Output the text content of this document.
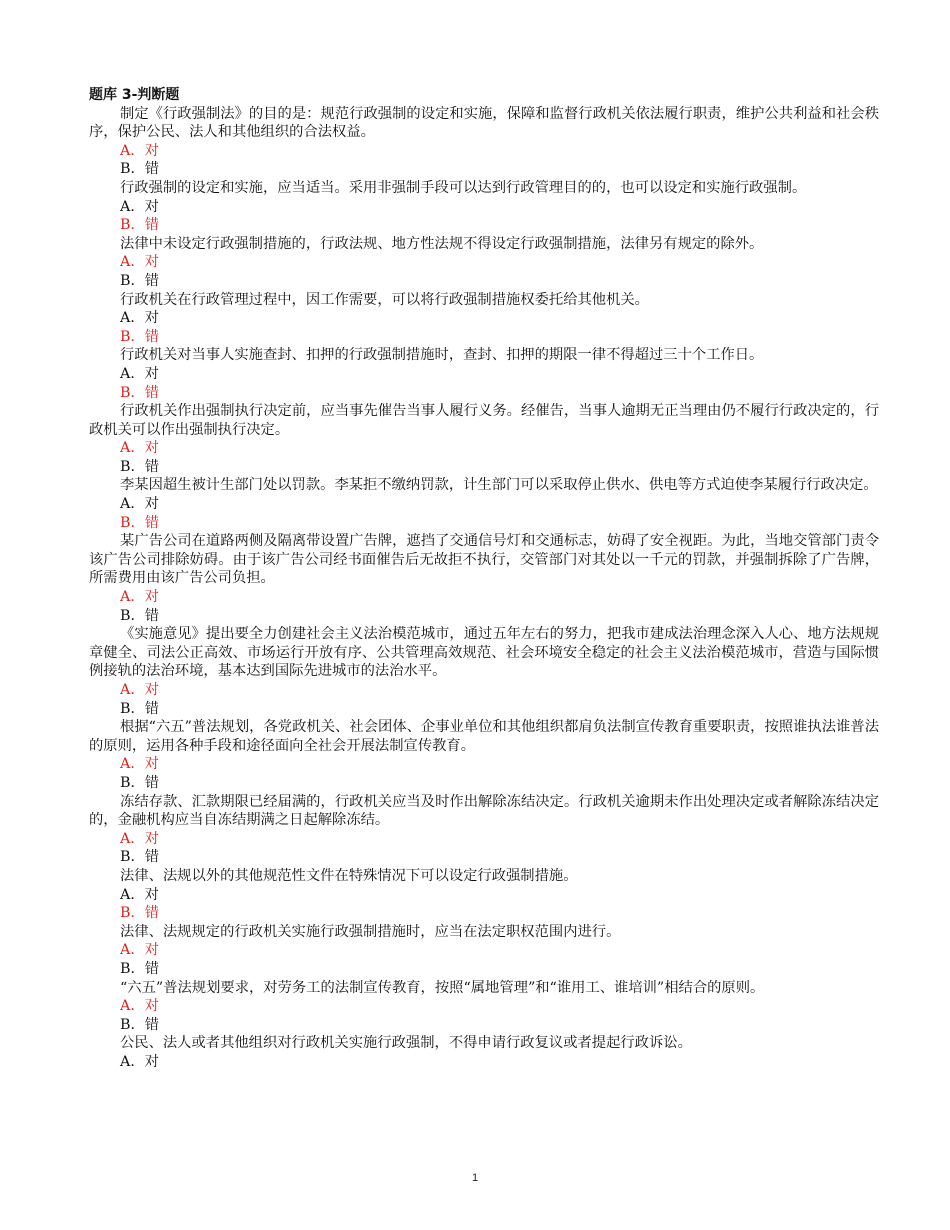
题库 3-判断题

制定《行政强制法》的目的是：规范行政强制的设定和实施，保障和监督行政机关依法履行职责，维护公共利益和社会秩序，保护公民、法人和其他组织的合法权益。

A．对
B．错

行政强制的设定和实施，应当适当。采用非强制手段可以达到行政管理目的的，也可以设定和实施行政强制。

A．对
B．错

法律中未设定行政强制措施的，行政法规、地方性法规不得设定行政强制措施，法律另有规定的除外。

A．对
B．错

行政机关在行政管理过程中，因工作需要，可以将行政强制措施权委托给其他机关。

A．对
B．错

行政机关对当事人实施查封、扣押的行政强制措施时，查封、扣押的期限一律不得超过三十个工作日。

A．对
B．错

行政机关作出强制执行决定前，应当事先催告当事人履行义务。经催告，当事人逾期无正当理由仍不履行行政决定的，行政机关可以作出强制执行决定。

A．对
B．错

李某因超生被计生部门处以罚款。李某拒不缴纳罚款，计生部门可以采取停止供水、供电等方式迫使李某履行行政决定。

A．对
B．错

某广告公司在道路两侧及隔离带设置广告牌，遮挡了交通信号灯和交通标志，妨碍了安全视距。为此，当地交管部门责令该广告公司排除妨碍。由于该广告公司经书面催告后无故拒不执行，交管部门对其处以一千元的罚款，并强制拆除了广告牌，所需费用由该广告公司负担。

A．对
B．错

《实施意见》提出要全力创建社会主义法治模范城市，通过五年左右的努力，把我市建成法治理念深入人心、地方法规规章健全、司法公正高效、市场运行开放有序、公共管理高效规范、社会环境安全稳定的社会主义法治模范城市，营造与国际惯例接轨的法治环境，基本达到国际先进城市的法治水平。

A．对
B．错

根据“六五”普法规划，各党政机关、社会团体、企事业单位和其他组织都肩负法制宣传教育重要职责，按照谁执法谁普法的原则，运用各种手段和途径面向全社会开展法制宣传教育。

A．对
B．错

冻结存款、汇款期限已经届满的，行政机关应当及时作出解除冻结决定。行政机关逾期未作出处理决定或者解除冻结决定的，金融机构应当自冻结期满之日起解除冻结。

A．对
B．错

法律、法规以外的其他规范性文件在特殊情况下可以设定行政强制措施。

A．对
B．错

法律、法规规定的行政机关实施行政强制措施时，应当在法定职权范围内进行。

A．对
B．错

“六五”普法规划要求，对劳务工的法制宣传教育，按照“属地管理”和“谁用工、谁培训”相结合的原则。

A．对
B．错

公民、法人或者其他组织对行政机关实施行政强制，不得申请行政复议或者提起行政诉讼。

A．对
1
